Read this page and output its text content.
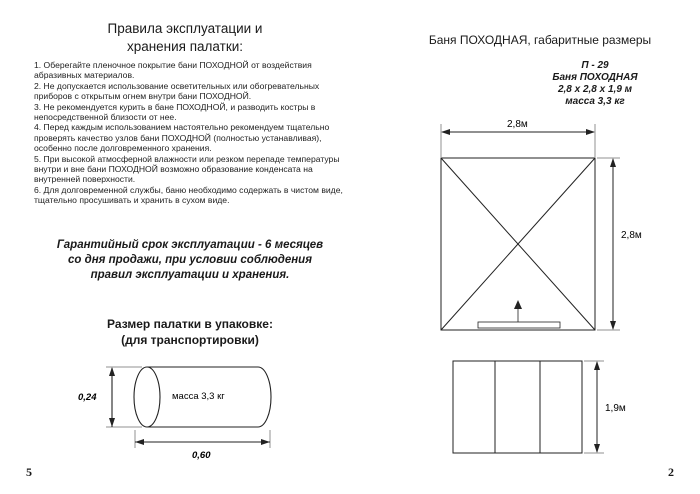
Правила эксплуатации и
хранения палатки:

1. Оберегайте пленочное покрытие бани ПОХОДНОЙ от воздействия абразивных материалов.

2. Не допускается использование осветительных или обогревательных приборов с открытым огнем внутри бани ПОХОДНОЙ.

3. Не рекомендуется курить в бане ПОХОДНОЙ, и разводить костры в непосредственной близости от нее.

4. Перед каждым использованием настоятельно рекомендуем тщательно проверять качество узлов бани ПОХОДНОЙ (полностью устанавливая), особенно после долговременного хранения.

5. При высокой атмосферной влажности или резком перепаде температуры внутри и вне бани ПОХОДНОЙ возможно образование конденсата на внутренней поверхности.

6. Для долговременной службы, баню необходимо содержать в чистом виде, тщательно просушивать и хранить в сухом виде.

Гарантийный срок эксплуатации - 6 месяцев
со дня продажи, при условии соблюдения
правил эксплуатации и хранения.
Размер палатки в упаковке:
(для транспортировки)
0,24
0,60
масса 3,3 кг
5
Баня ПОХОДНАЯ, габаритные размеры
П - 29
Баня ПОХОДНАЯ
2,8 х 2,8 х 1,9 м
масса 3,3 кг
2,8м
2,8м
1,9м
2
